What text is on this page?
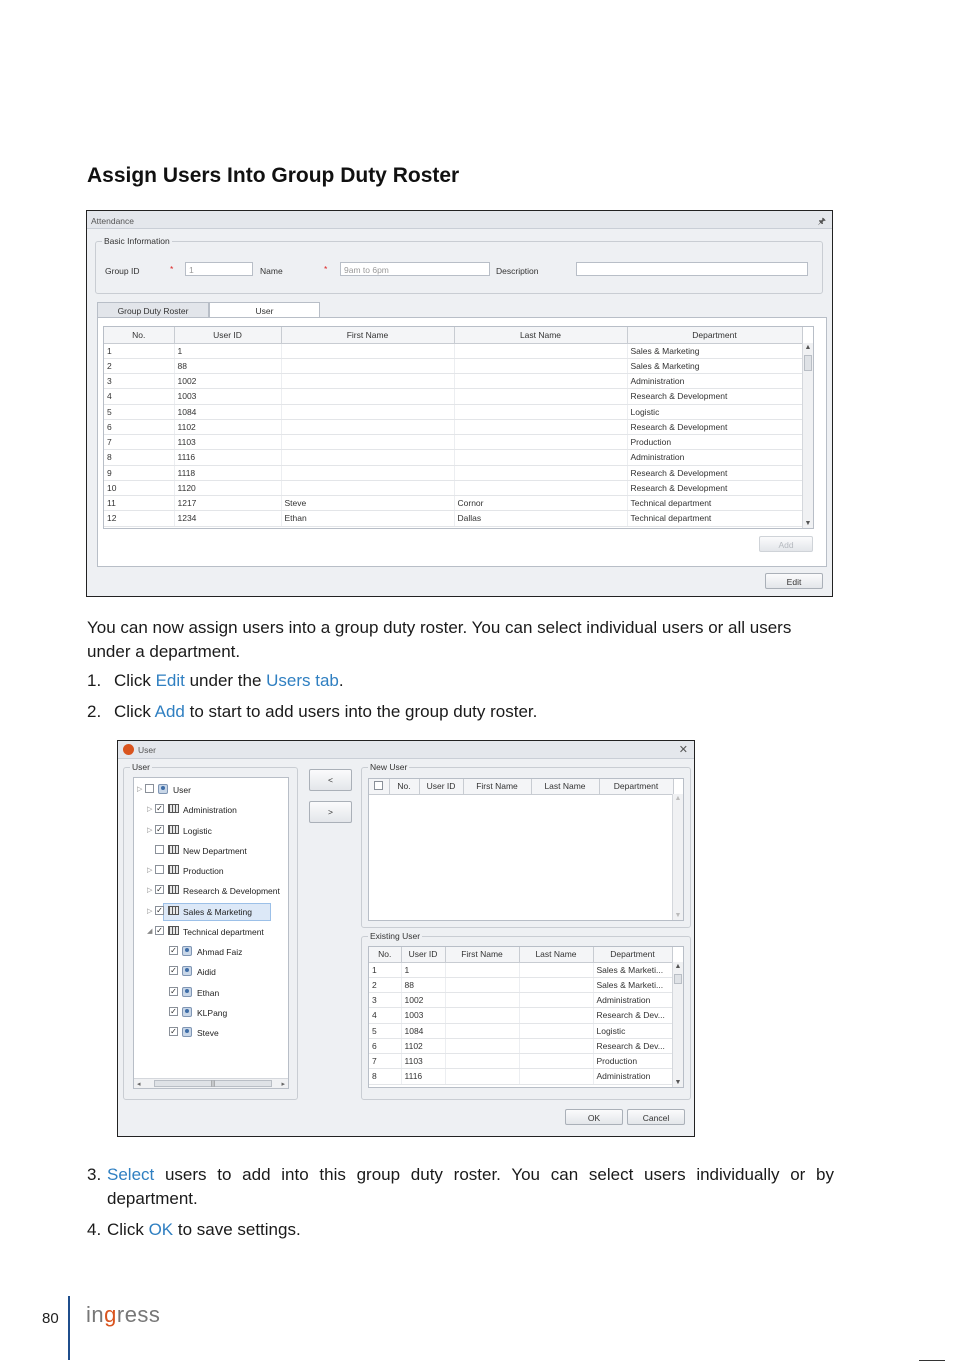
Assign Users Into Group Duty Roster
Attendance	🖈︎
Basic Information
Group ID	*	1	Name	*	9am to 6pm	Description
Group Duty Roster	User
No.	User ID	First Name	Last Name	Department
1	1			Sales & Marketing
2	88			Sales & Marketing
3	1002			Administration
4	1003			Research & Development
5	1084			Logistic
6	1102			Research & Development
7	1103			Production
8	1116			Administration
9	1118			Research & Development
10	1120			Research & Development
11	1217	Steve	Cornor	Technical department
12	1234	Ethan	Dallas	Technical department
▲
▼
Add
Edit
You can now assign users into a group duty roster. You can select individual users or all users under a department.
1. Click Edit under the Users tab.
2. Click Add to start to add users into the group duty roster.
User	✕
User
▷	User
▷ ✓ Administration
▷ ✓ Logistic
New Department
▷	Production
▷ ✓ Research & Development
▷ ✓ Sales & Marketing
◢ ✓ Technical department
✓ Ahmad Faiz
✓ Aidid
✓ Ethan
✓ KLPang
✓ Steve
◂	|||	▸
<
>
New User
	No.	User ID	First Name	Last Name	Department
▲
▼
Existing User
No.	User ID	First Name	Last Name	Department
1	1			Sales & Marketi...
2	88			Sales & Marketi...
3	1002			Administration
4	1003			Research & Dev...
5	1084			Logistic
6	1102			Research & Dev...
7	1103			Production
8	1116			Administration
▲
▼
OK	Cancel
3. Select users to add into this group duty roster. You can select users individually or by department.
4. Click OK to save settings.
80 ingress
